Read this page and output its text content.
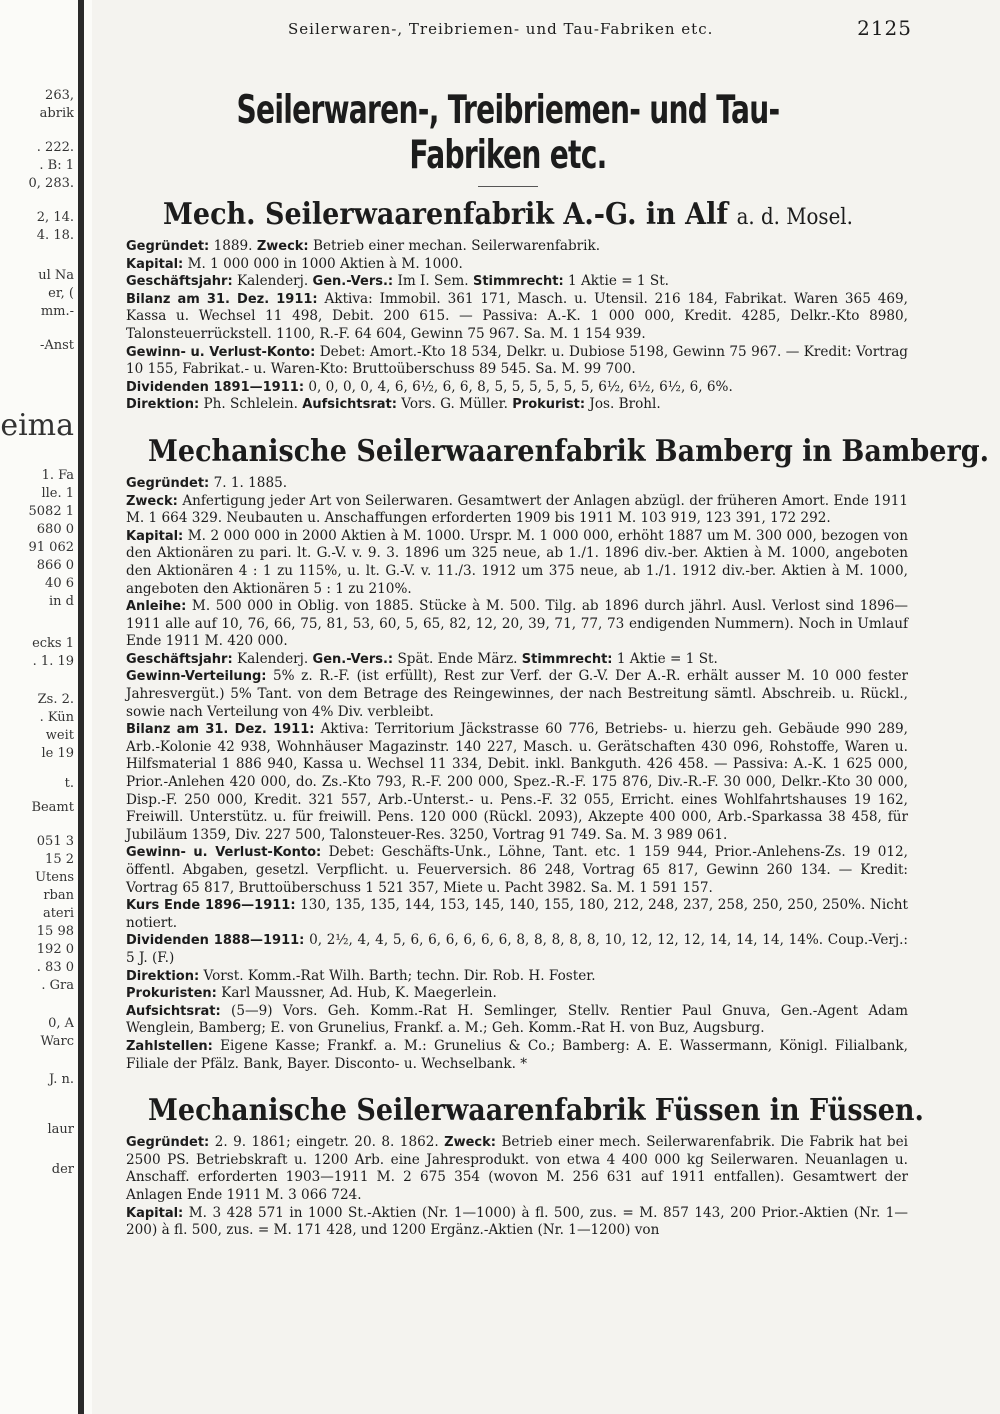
263,
abrik
. 222.
. B: 1
0, 283.
2, 14.
4. 18.
ul Na
er, (
mm.-
-Anst
eima
1. Fa
lle. 1
5082 1
680 0
91 062
866 0
40 6
in d
ecks 1
. 1. 19
Zs. 2.
. Kün
weit
le 19
t.
Beamt
051 3
15 2
Utens
rban
ateri
15 98
192 0
. 83 0
. Gra
0, A
Warc
J. n.
laur
der
Seilerwaren-, Treibriemen- und Tau-Fabriken etc.	2125
Seilerwaren-, Treibriemen- und Tau-Fabriken etc.
Mech. Seilerwaarenfabrik A.-G. in Alf a. d. Mosel.

Gegründet: 1889. Zweck: Betrieb einer mechan. Seilerwarenfabrik.

Kapital: M. 1 000 000 in 1000 Aktien à M. 1000.

Geschäftsjahr: Kalenderj. Gen.-Vers.: Im I. Sem. Stimmrecht: 1 Aktie = 1 St.

Bilanz am 31. Dez. 1911: Aktiva: Immobil. 361 171, Masch. u. Utensil. 216 184, Fabrikat. Waren 365 469, Kassa u. Wechsel 11 498, Debit. 200 615. — Passiva: A.-K. 1 000 000, Kredit. 4285, Delkr.-Kto 8980, Talonsteuerrückstell. 1100, R.-F. 64 604, Gewinn 75 967. Sa. M. 1 154 939.

Gewinn- u. Verlust-Konto: Debet: Amort.-Kto 18 534, Delkr. u. Dubiose 5198, Gewinn 75 967. — Kredit: Vortrag 10 155, Fabrikat.- u. Waren-Kto: Bruttoüberschuss 89 545. Sa. M. 99 700.

Dividenden 1891—1911: 0, 0, 0, 0, 4, 6, 6½, 6, 6, 8, 5, 5, 5, 5, 5, 5, 6½, 6½, 6½, 6, 6%.

Direktion: Ph. Schlelein. Aufsichtsrat: Vors. G. Müller. Prokurist: Jos. Brohl.

Mechanische Seilerwaarenfabrik Bamberg in Bamberg.

Gegründet: 7. 1. 1885.

Zweck: Anfertigung jeder Art von Seilerwaren. Gesamtwert der Anlagen abzügl. der früheren Amort. Ende 1911 M. 1 664 329. Neubauten u. Anschaffungen erforderten 1909 bis 1911 M. 103 919, 123 391, 172 292.

Kapital: M. 2 000 000 in 2000 Aktien à M. 1000. Urspr. M. 1 000 000, erhöht 1887 um M. 300 000, bezogen von den Aktionären zu pari. lt. G.-V. v. 9. 3. 1896 um 325 neue, ab 1./1. 1896 div.-ber. Aktien à M. 1000, angeboten den Aktionären 4 : 1 zu 115%, u. lt. G.-V. v. 11./3. 1912 um 375 neue, ab 1./1. 1912 div.-ber. Aktien à M. 1000, angeboten den Aktionären 5 : 1 zu 210%.

Anleihe: M. 500 000 in Oblig. von 1885. Stücke à M. 500. Tilg. ab 1896 durch jährl. Ausl. Verlost sind 1896—1911 alle auf 10, 76, 66, 75, 81, 53, 60, 5, 65, 82, 12, 20, 39, 71, 77, 73 endigenden Nummern). Noch in Umlauf Ende 1911 M. 420 000.

Geschäftsjahr: Kalenderj. Gen.-Vers.: Spät. Ende März. Stimmrecht: 1 Aktie = 1 St.

Gewinn-Verteilung: 5% z. R.-F. (ist erfüllt), Rest zur Verf. der G.-V. Der A.-R. erhält ausser M. 10 000 fester Jahresvergüt.) 5% Tant. von dem Betrage des Reingewinnes, der nach Bestreitung sämtl. Abschreib. u. Rückl., sowie nach Verteilung von 4% Div. verbleibt.

Bilanz am 31. Dez. 1911: Aktiva: Territorium Jäckstrasse 60 776, Betriebs- u. hierzu geh. Gebäude 990 289, Arb.-Kolonie 42 938, Wohnhäuser Magazinstr. 140 227, Masch. u. Gerätschaften 430 096, Rohstoffe, Waren u. Hilfsmaterial 1 886 940, Kassa u. Wechsel 11 334, Debit. inkl. Bankguth. 426 458. — Passiva: A.-K. 1 625 000, Prior.-Anlehen 420 000, do. Zs.-Kto 793, R.-F. 200 000, Spez.-R.-F. 175 876, Div.-R.-F. 30 000, Delkr.-Kto 30 000, Disp.-F. 250 000, Kredit. 321 557, Arb.-Unterst.- u. Pens.-F. 32 055, Erricht. eines Wohlfahrtshauses 19 162, Freiwill. Unterstütz. u. für freiwill. Pens. 120 000 (Rückl. 2093), Akzepte 400 000, Arb.-Sparkassa 38 458, für Jubiläum 1359, Div. 227 500, Talonsteuer-Res. 3250, Vortrag 91 749. Sa. M. 3 989 061.

Gewinn- u. Verlust-Konto: Debet: Geschäfts-Unk., Löhne, Tant. etc. 1 159 944, Prior.-Anlehens-Zs. 19 012, öffentl. Abgaben, gesetzl. Verpflicht. u. Feuerversich. 86 248, Vortrag 65 817, Gewinn 260 134. — Kredit: Vortrag 65 817, Bruttoüberschuss 1 521 357, Miete u. Pacht 3982. Sa. M. 1 591 157.

Kurs Ende 1896—1911: 130, 135, 135, 144, 153, 145, 140, 155, 180, 212, 248, 237, 258, 250, 250, 250%. Nicht notiert.

Dividenden 1888—1911: 0, 2½, 4, 4, 5, 6, 6, 6, 6, 6, 6, 8, 8, 8, 8, 8, 10, 12, 12, 12, 14, 14, 14, 14%. Coup.-Verj.: 5 J. (F.)

Direktion: Vorst. Komm.-Rat Wilh. Barth; techn. Dir. Rob. H. Foster.

Prokuristen: Karl Maussner, Ad. Hub, K. Maegerlein.

Aufsichtsrat: (5—9) Vors. Geh. Komm.-Rat H. Semlinger, Stellv. Rentier Paul Gnuva, Gen.-Agent Adam Wenglein, Bamberg; E. von Grunelius, Frankf. a. M.; Geh. Komm.-Rat H. von Buz, Augsburg.

Zahlstellen: Eigene Kasse; Frankf. a. M.: Grunelius & Co.; Bamberg: A. E. Wassermann, Königl. Filialbank, Filiale der Pfälz. Bank, Bayer. Disconto- u. Wechselbank. *

Mechanische Seilerwaarenfabrik Füssen in Füssen.

Gegründet: 2. 9. 1861; eingetr. 20. 8. 1862. Zweck: Betrieb einer mech. Seilerwarenfabrik. Die Fabrik hat bei 2500 PS. Betriebskraft u. 1200 Arb. eine Jahresprodukt. von etwa 4 400 000 kg Seilerwaren. Neuanlagen u. Anschaff. erforderten 1903—1911 M. 2 675 354 (wovon M. 256 631 auf 1911 entfallen). Gesamtwert der Anlagen Ende 1911 M. 3 066 724.

Kapital: M. 3 428 571 in 1000 St.-Aktien (Nr. 1—1000) à fl. 500, zus. = M. 857 143, 200 Prior.-Aktien (Nr. 1—200) à fl. 500, zus. = M. 171 428, und 1200 Ergänz.-Aktien (Nr. 1—1200) von
